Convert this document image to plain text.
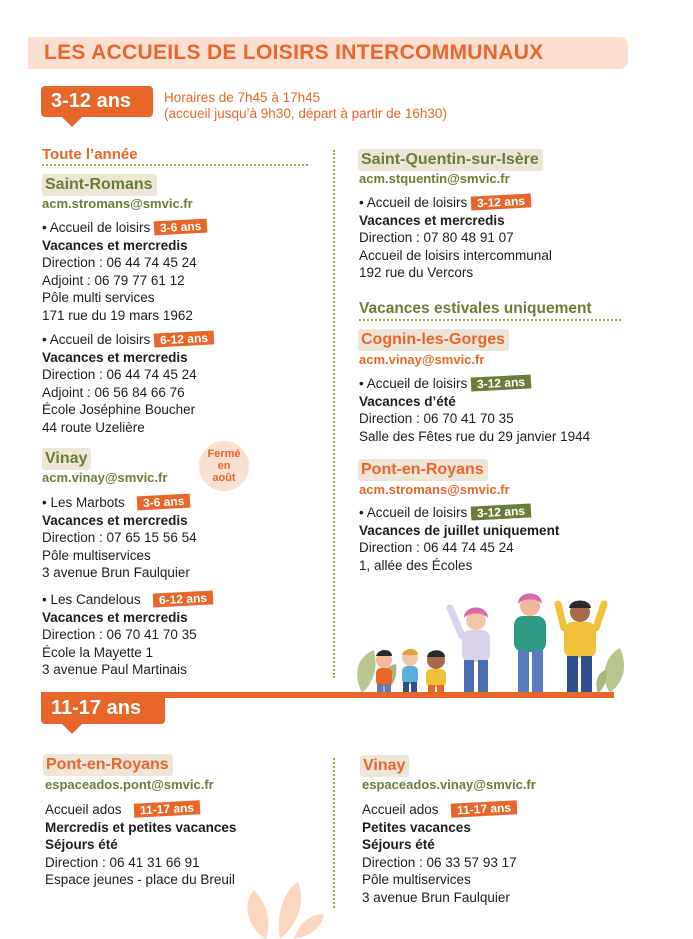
LES ACCUEILS DE LOISIRS INTERCOMMUNAUX
3-12 ans Horaires de 7h45 à 17h45
(accueil jusqu’à 9h30, départ à partir de 16h30)
Toute l’année
Saint-Romans
acm.stromans@smvic.fr
• Accueil de loisirs 3-6 ans
Vacances et mercredis
Direction : 06 44 74 45 24
Adjoint : 06 79 77 61 12
Pôle multi services
171 rue du 19 mars 1962
• Accueil de loisirs 6-12 ans
Vacances et mercredis
Direction : 06 44 74 45 24
Adjoint : 06 56 84 66 76
École Joséphine Boucher
44 route Uzelière
Vinay
acm.vinay@smvic.fr
Fermé
en
août
• Les Marbots 3-6 ans
Vacances et mercredis
Direction : 07 65 15 56 54
Pôle multiservices
3 avenue Brun Faulquier
• Les Candelous 6-12 ans
Vacances et mercredis
Direction : 06 70 41 70 35
École la Mayette 1
3 avenue Paul Martinais
Saint-Quentin-sur-Isère
acm.stquentin@smvic.fr
• Accueil de loisirs 3-12 ans
Vacances et mercredis
Direction : 07 80 48 91 07
Accueil de loisirs intercommunal
192 rue du Vercors
Vacances estivales uniquement
Cognin-les-Gorges
acm.vinay@smvic.fr
• Accueil de loisirs 3-12 ans
Vacances d’été
Direction : 06 70 41 70 35
Salle des Fêtes rue du 29 janvier 1944
Pont-en-Royans
acm.stromans@smvic.fr
• Accueil de loisirs 3-12 ans
Vacances de juillet uniquement
Direction : 06 44 74 45 24
1, allée des Écoles
11-17 ans
Pont-en-Royans
espaceados.pont@smvic.fr
Accueil ados 11-17 ans
Mercredis et petites vacances
Séjours été
Direction : 06 41 31 66 91
Espace jeunes - place du Breuil
Vinay
espaceados.vinay@smvic.fr
Accueil ados 11-17 ans
Petites vacances
Séjours été
Direction : 06 33 57 93 17
Pôle multiservices
3 avenue Brun Faulquier
